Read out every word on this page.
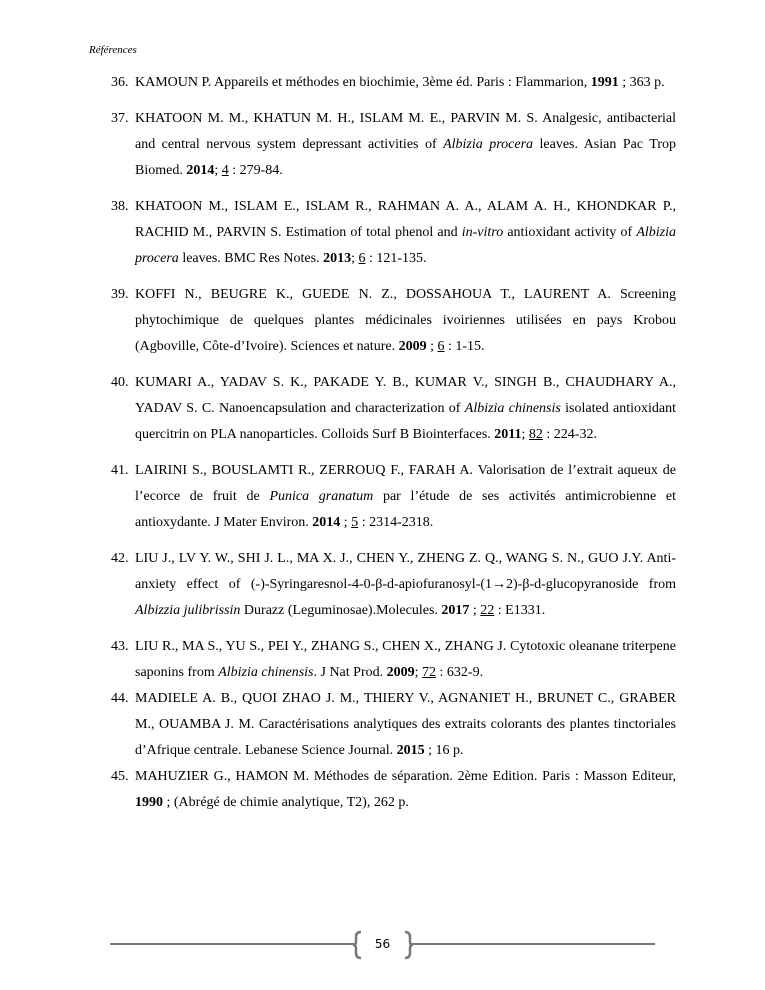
Références
36. KAMOUN P. Appareils et méthodes en biochimie, 3ème éd. Paris : Flammarion, 1991 ; 363 p.
37. KHATOON M. M., KHATUN M. H., ISLAM M. E., PARVIN M. S. Analgesic, antibacterial and central nervous system depressant activities of Albizia procera leaves. Asian Pac Trop Biomed. 2014; 4 : 279-84.
38. KHATOON M., ISLAM E., ISLAM R., RAHMAN A. A., ALAM A. H., KHONDKAR P., RACHID M., PARVIN S. Estimation of total phenol and in-vitro antioxidant activity of Albizia procera leaves. BMC Res Notes. 2013; 6 : 121-135.
39. KOFFI N., BEUGRE K., GUEDE N. Z., DOSSAHOUA T., LAURENT A. Screening phytochimique de quelques plantes médicinales ivoiriennes utilisées en pays Krobou (Agboville, Côte-d’Ivoire). Sciences et nature. 2009 ; 6 : 1-15.
40. KUMARI A., YADAV S. K., PAKADE Y. B., KUMAR V., SINGH B., CHAUDHARY A., YADAV S. C. Nanoencapsulation and characterization of Albizia chinensis isolated antioxidant quercitrin on PLA nanoparticles. Colloids Surf B Biointerfaces. 2011; 82 : 224-32.
41. LAIRINI S., BOUSLAMTI R., ZERROUQ F., FARAH A. Valorisation de l’extrait aqueux de l’ecorce de fruit de Punica granatum par l’étude de ses activités antimicrobienne et antioxydante. J Mater Environ. 2014 ; 5 : 2314-2318.
42. LIU J., LV Y. W., SHI J. L., MA X. J., CHEN Y., ZHENG Z. Q., WANG S. N., GUO J.Y. Anti-anxiety effect of (-)-Syringaresnol-4-0-β-d-apiofuranosyl-(1→2)-β-d-glucopyranoside from Albizzia julibrissin Durazz (Leguminosae).Molecules. 2017 ; 22 : E1331.
43. LIU R., MA S., YU S., PEI Y., ZHANG S., CHEN X., ZHANG J. Cytotoxic oleanane triterpene saponins from Albizia chinensis. J Nat Prod. 2009; 72 : 632-9.
44. MADIELE A. B., QUOI ZHAO J. M., THIERY V., AGNANIET H., BRUNET C., GRABER M., OUAMBA J. M. Caractérisations analytiques des extraits colorants des plantes tinctoriales d’Afrique centrale. Lebanese Science Journal. 2015 ; 16 p.
45. MAHUZIER G., HAMON M. Méthodes de séparation. 2ème Edition. Paris : Masson Editeur, 1990 ; (Abrégé de chimie analytique, T2), 262 p.
56
